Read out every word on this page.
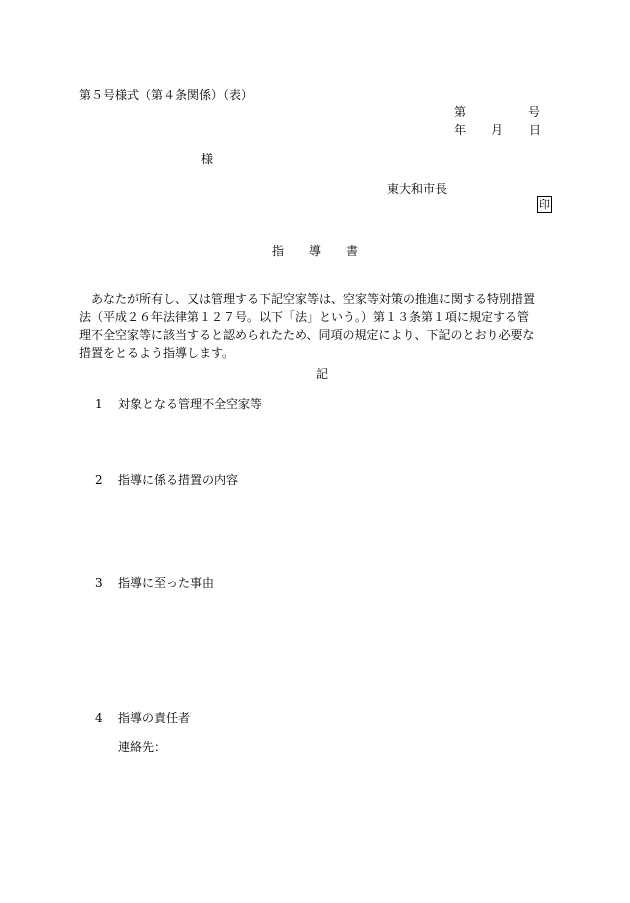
第５号様式（第４条関係）（表）
第	号
年 月 日
様
東大和市長
印
指 導 書
　あなたが所有し、又は管理する下記空家等は、空家等対策の推進に関する特別措置
法（平成２６年法律第１２７号。以下「法」という。）第１３条第１項に規定する管
理不全空家等に該当すると認められたため、同項の規定により、下記のとおり必要な
措置をとるよう指導します。
記
1 対象となる管理不全空家等
2 指導に係る措置の内容
3 指導に至った事由
4 指導の責任者
連絡先：
